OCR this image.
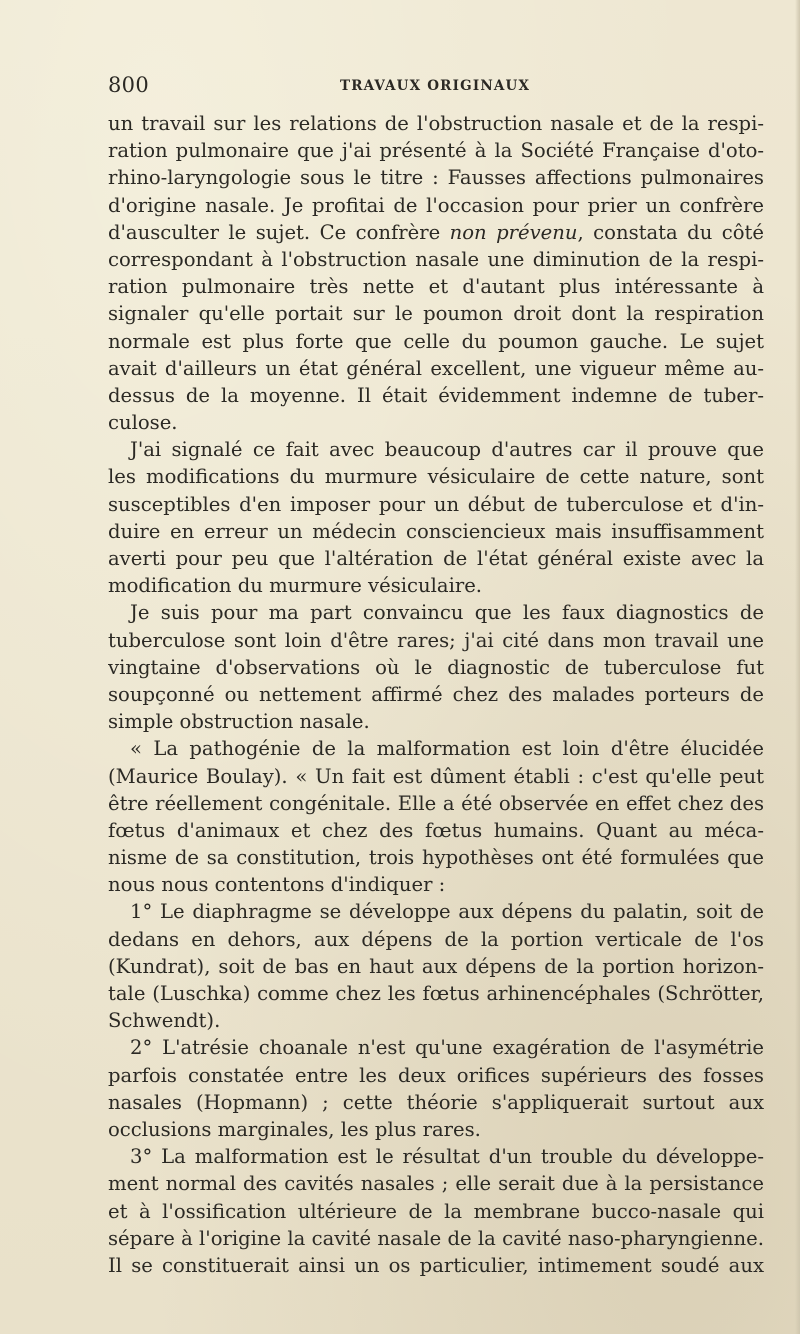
800	TRAVAUX ORIGINAUX
un travail sur les relations de l'obstruction nasale et de la respi-
ration pulmonaire que j'ai présenté à la Société Française d'oto-
rhino-laryngologie sous le titre : Fausses affections pulmonaires
d'origine nasale. Je profitai de l'occasion pour prier un confrère
d'ausculter le sujet. Ce confrère non prévenu, constata du côté
correspondant à l'obstruction nasale une diminution de la respi-
ration pulmonaire très nette et d'autant plus intéressante à
signaler qu'elle portait sur le poumon droit dont la respiration
normale est plus forte que celle du poumon gauche. Le sujet
avait d'ailleurs un état général excellent, une vigueur même au-
dessus de la moyenne. Il était évidemment indemne de tuber-
culose.
J'ai signalé ce fait avec beaucoup d'autres car il prouve que
les modifications du murmure vésiculaire de cette nature, sont
susceptibles d'en imposer pour un début de tuberculose et d'in-
duire en erreur un médecin consciencieux mais insuffisamment
averti pour peu que l'altération de l'état général existe avec la
modification du murmure vésiculaire.
Je suis pour ma part convaincu que les faux diagnostics de
tuberculose sont loin d'être rares; j'ai cité dans mon travail une
vingtaine d'observations où le diagnostic de tuberculose fut
soupçonné ou nettement affirmé chez des malades porteurs de
simple obstruction nasale.
« La pathogénie de la malformation est loin d'être élucidée
(Maurice Boulay). « Un fait est dûment établi : c'est qu'elle peut
être réellement congénitale. Elle a été observée en effet chez des
fœtus d'animaux et chez des fœtus humains. Quant au méca-
nisme de sa constitution, trois hypothèses ont été formulées que
nous nous contentons d'indiquer :
1° Le diaphragme se développe aux dépens du palatin, soit de
dedans en dehors, aux dépens de la portion verticale de l'os
(Kundrat), soit de bas en haut aux dépens de la portion horizon-
tale (Luschka) comme chez les fœtus arhinencéphales (Schrötter,
Schwendt).
2° L'atrésie choanale n'est qu'une exagération de l'asymétrie
parfois constatée entre les deux orifices supérieurs des fosses
nasales (Hopmann) ; cette théorie s'appliquerait surtout aux
occlusions marginales, les plus rares.
3° La malformation est le résultat d'un trouble du développe-
ment normal des cavités nasales ; elle serait due à la persistance
et à l'ossification ultérieure de la membrane bucco-nasale qui
sépare à l'origine la cavité nasale de la cavité naso-pharyngienne.
Il se constituerait ainsi un os particulier, intimement soudé aux
